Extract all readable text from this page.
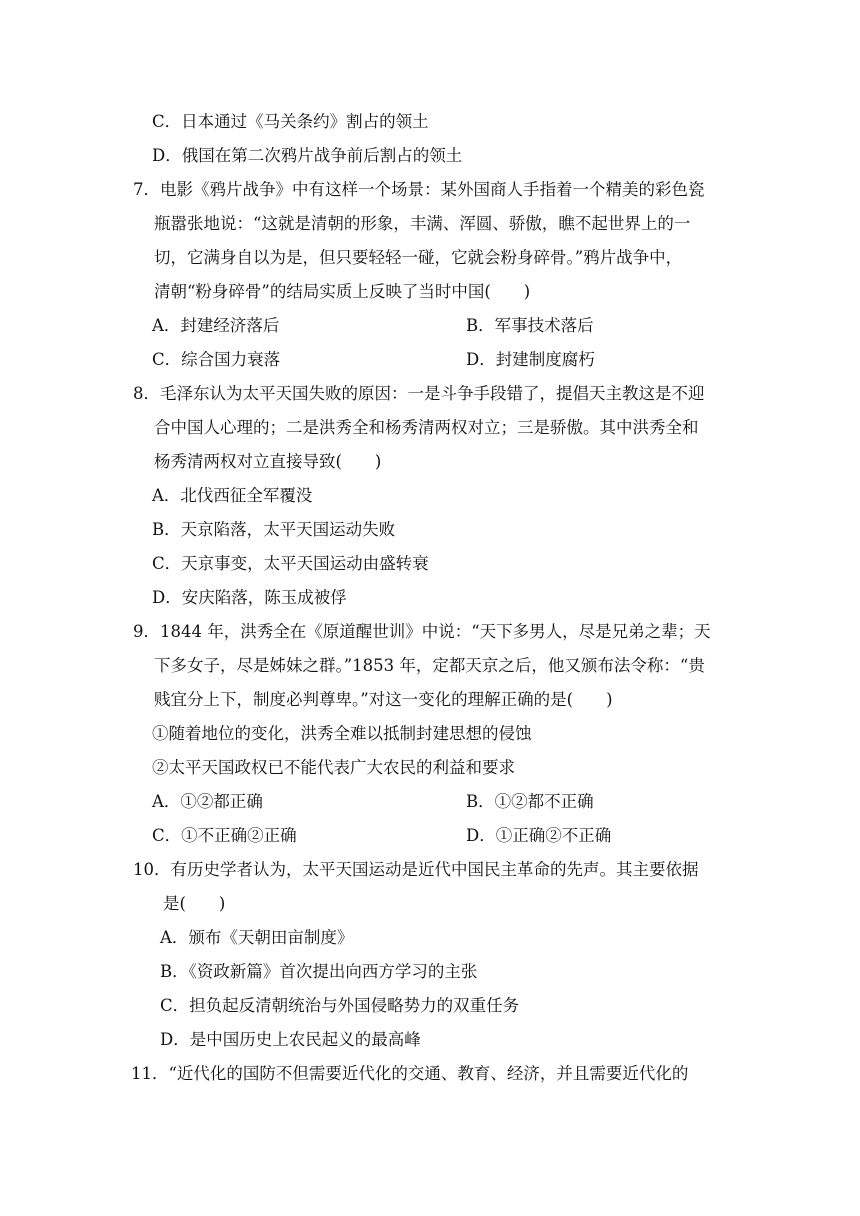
C．日本通过《马关条约》割占的领土
D．俄国在第二次鸦片战争前后割占的领土
7．电影《鸦片战争》中有这样一个场景：某外国商人手指着一个精美的彩色瓷
瓶嚣张地说：“这就是清朝的形象，丰满、浑圆、骄傲，瞧不起世界上的一
切，它满身自以为是，但只要轻轻一碰，它就会粉身碎骨。”鸦片战争中，
清朝“粉身碎骨”的结局实质上反映了当时中国(　　)
A．封建经济落后	B．军事技术落后
C．综合国力衰落	D．封建制度腐朽
8．毛泽东认为太平天国失败的原因：一是斗争手段错了，提倡天主教这是不迎
合中国人心理的；二是洪秀全和杨秀清两权对立；三是骄傲。其中洪秀全和
杨秀清两权对立直接导致(　　)
A．北伐西征全军覆没
B．天京陷落，太平天国运动失败
C．天京事变，太平天国运动由盛转衰
D．安庆陷落，陈玉成被俘
9．1844 年，洪秀全在《原道醒世训》中说：“天下多男人，尽是兄弟之辈；天
下多女子，尽是姊妹之群。”1853 年，定都天京之后，他又颁布法令称：“贵
贱宜分上下，制度必判尊卑。”对这一变化的理解正确的是(　　)
①随着地位的变化，洪秀全难以抵制封建思想的侵蚀
②太平天国政权已不能代表广大农民的利益和要求
A．①②都正确	B．①②都不正确
C．①不正确②正确	D．①正确②不正确
10．有历史学者认为，太平天国运动是近代中国民主革命的先声。其主要依据
是(　　)
A．颁布《天朝田亩制度》
B．《资政新篇》首次提出向西方学习的主张
C．担负起反清朝统治与外国侵略势力的双重任务
D．是中国历史上农民起义的最高峰
11．“近代化的国防不但需要近代化的交通、教育、经济，并且需要近代化的
